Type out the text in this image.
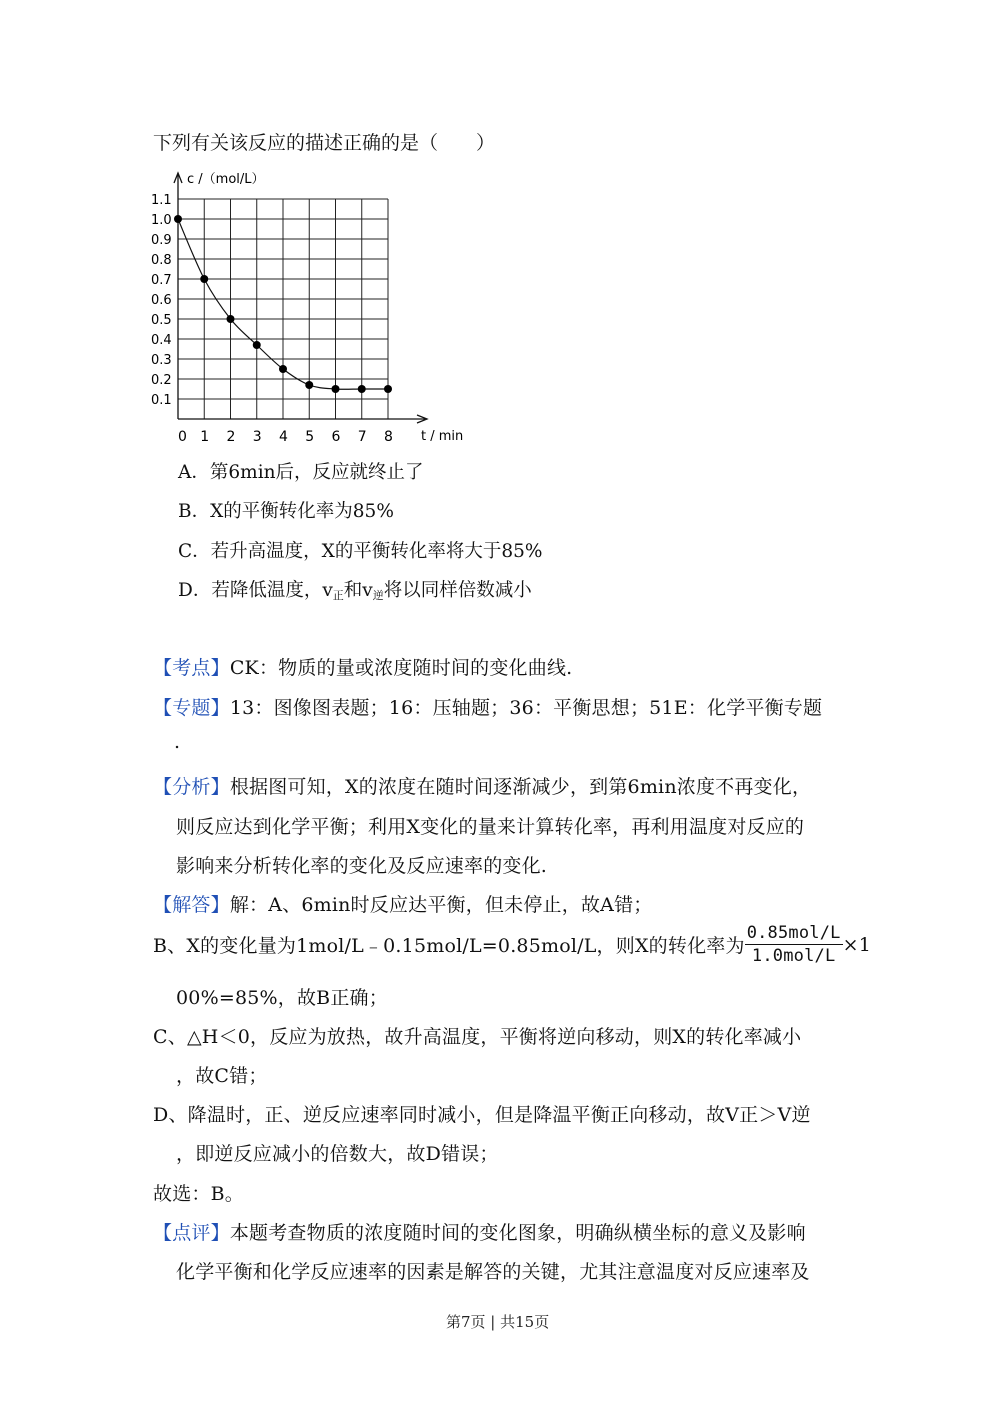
下列有关该反应的描述正确的是（　　）
1.1
1.0
0.9
0.8
0.7
0.6
0.5
0.4
0.3
0.2
0.1
0 1 2 3 4 5 6 7 8
c /（mol/L）
t / min
A．第6min后，反应就终止了
B．X的平衡转化率为85%
C．若升高温度，X的平衡转化率将大于85%
D．若降低温度，$v_正$和$v_逆$将以同样倍数减小
【考点】CK：物质的量或浓度随时间的变化曲线.
【专题】13：图像图表题；16：压轴题；36：平衡思想；51E：化学平衡专题
.
【分析】根据图可知，X的浓度在随时间逐渐减少，到第6min浓度不再变化，
则反应达到化学平衡；利用X变化的量来计算转化率，再利用温度对反应的
影响来分析转化率的变化及反应速率的变化.
【解答】解：A、6min时反应达平衡，但未停止，故A错；
B、X的变化量为1mol/L﹣0.15mol/L=0.85mol/L，则X的转化率为 $\frac{\text{0.85mol/L}}{\text{1.0mol/L}} \times 1$
00%=85%，故B正确；
C、△H＜0，反应为放热，故升高温度，平衡将逆向移动，则X的转化率减小
，故C错；
D、降温时，正、逆反应速率同时减小，但是降温平衡正向移动，故V正＞V逆
，即逆反应减小的倍数大，故D错误；
故选：B。
【点评】本题考查物质的浓度随时间的变化图象，明确纵横坐标的意义及影响
化学平衡和化学反应速率的因素是解答的关键，尤其注意温度对反应速率及
第7页 | 共15页
